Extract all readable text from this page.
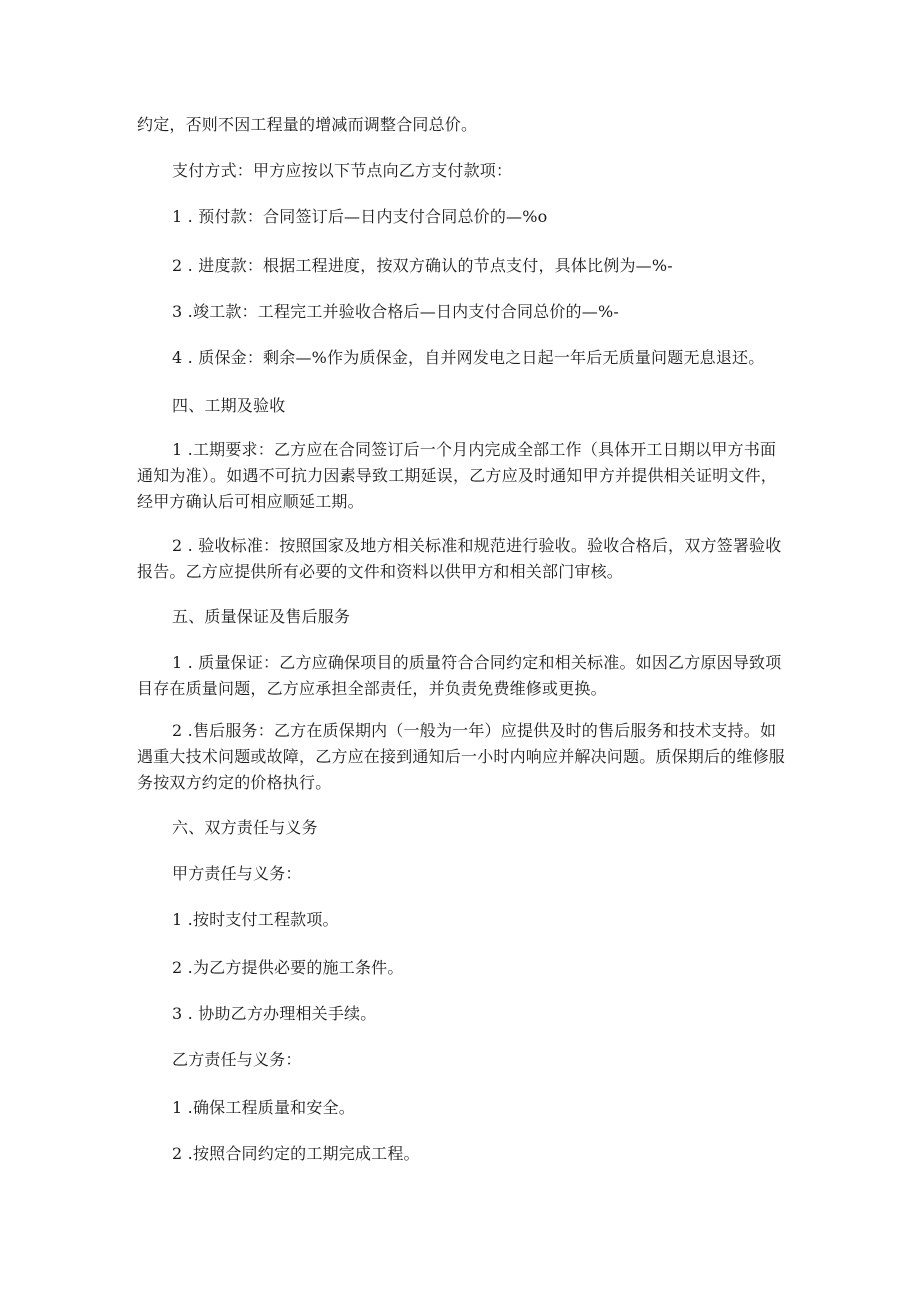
约定，否则不因工程量的增减而调整合同总价。
支付方式：甲方应按以下节点向乙方支付款项：
1 . 预付款：合同签订后—日内支付合同总价的—%o
2 . 进度款：根据工程进度，按双方确认的节点支付，具体比例为—%-
3 .竣工款：工程完工并验收合格后—日内支付合同总价的—%-
4 . 质保金：剩余—%作为质保金，自并网发电之日起一年后无质量问题无息退还。
四、工期及验收
1 .工期要求：乙方应在合同签订后一个月内完成全部工作（具体开工日期以甲方书面通知为准）。如遇不可抗力因素导致工期延误，乙方应及时通知甲方并提供相关证明文件，经甲方确认后可相应顺延工期。
2 . 验收标准：按照国家及地方相关标准和规范进行验收。验收合格后，双方签署验收报告。乙方应提供所有必要的文件和资料以供甲方和相关部门审核。
五、质量保证及售后服务
1 . 质量保证：乙方应确保项目的质量符合合同约定和相关标准。如因乙方原因导致项目存在质量问题，乙方应承担全部责任，并负责免费维修或更换。
2 .售后服务：乙方在质保期内（一般为一年）应提供及时的售后服务和技术支持。如遇重大技术问题或故障，乙方应在接到通知后一小时内响应并解决问题。质保期后的维修服务按双方约定的价格执行。
六、双方责任与义务
甲方责任与义务：
1 .按时支付工程款项。
2 .为乙方提供必要的施工条件。
3 . 协助乙方办理相关手续。
乙方责任与义务：
1 .确保工程质量和安全。
2 .按照合同约定的工期完成工程。
